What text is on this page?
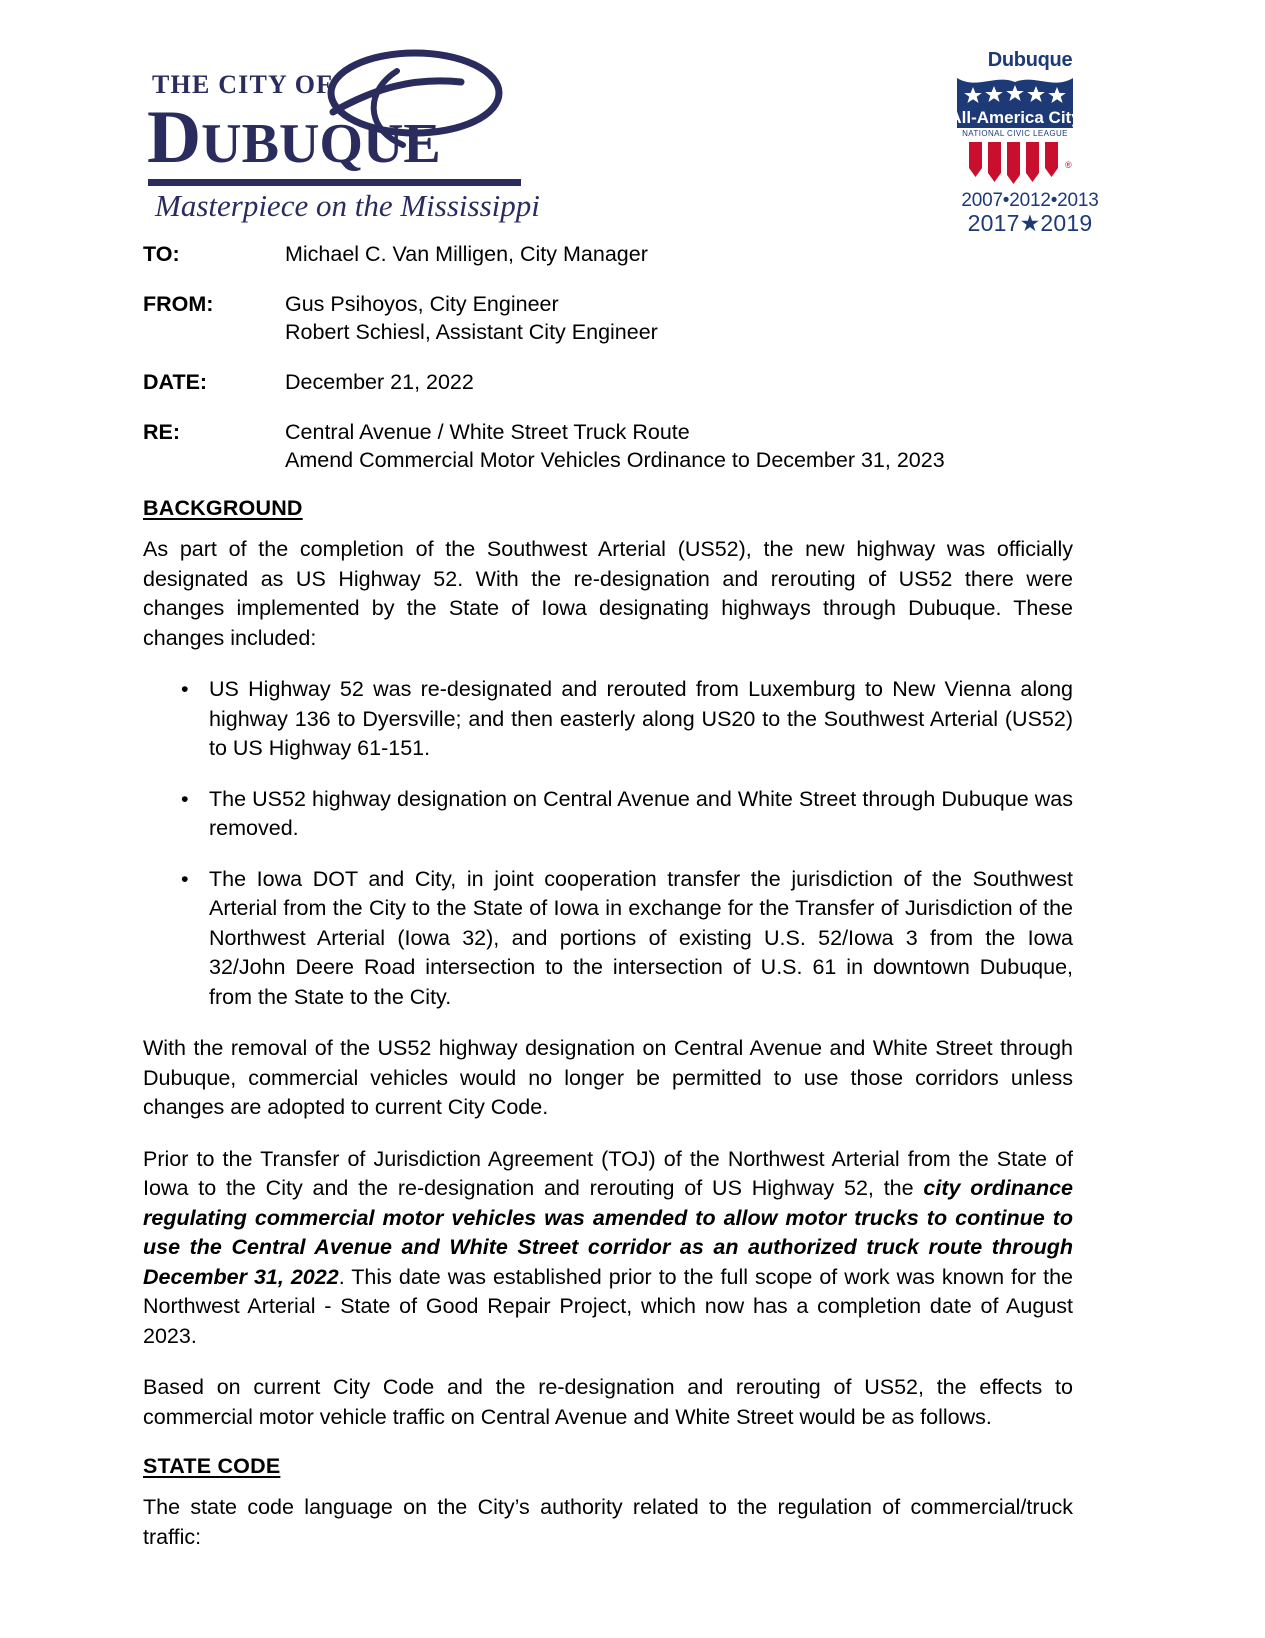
THE CITY OF
DUBUQUE
Masterpiece on the Mississippi
Dubuque
All-America City
NATIONAL CIVIC LEAGUE
®
2007•2012•2013
2017★2019
TO:	Michael C. Van Milligen, City Manager
FROM:	Gus Psihoyos, City Engineer
Robert Schiesl, Assistant City Engineer
DATE:	December 21, 2022
RE:	Central Avenue / White Street Truck Route
Amend Commercial Motor Vehicles Ordinance to December 31, 2023
BACKGROUND

As part of the completion of the Southwest Arterial (US52), the new highway was officially designated as US Highway 52. With the re-designation and rerouting of US52 there were changes implemented by the State of Iowa designating highways through Dubuque. These changes included:

• US Highway 52 was re-designated and rerouted from Luxemburg to New Vienna along highway 136 to Dyersville; and then easterly along US20 to the Southwest Arterial (US52) to US Highway 61-151.
• The US52 highway designation on Central Avenue and White Street through Dubuque was removed.
• The Iowa DOT and City, in joint cooperation transfer the jurisdiction of the Southwest Arterial from the City to the State of Iowa in exchange for the Transfer of Jurisdiction of the Northwest Arterial (Iowa 32), and portions of existing U.S. 52/Iowa 3 from the Iowa 32/John Deere Road intersection to the intersection of U.S. 61 in downtown Dubuque, from the State to the City.

With the removal of the US52 highway designation on Central Avenue and White Street through Dubuque, commercial vehicles would no longer be permitted to use those corridors unless changes are adopted to current City Code.

Prior to the Transfer of Jurisdiction Agreement (TOJ) of the Northwest Arterial from the State of Iowa to the City and the re-designation and rerouting of US Highway 52, the city ordinance regulating commercial motor vehicles was amended to allow motor trucks to continue to use the Central Avenue and White Street corridor as an authorized truck route through December 31, 2022. This date was established prior to the full scope of work was known for the Northwest Arterial - State of Good Repair Project, which now has a completion date of August 2023.

Based on current City Code and the re-designation and rerouting of US52, the effects to commercial motor vehicle traffic on Central Avenue and White Street would be as follows.

STATE CODE

The state code language on the City’s authority related to the regulation of commercial/truck traffic:
